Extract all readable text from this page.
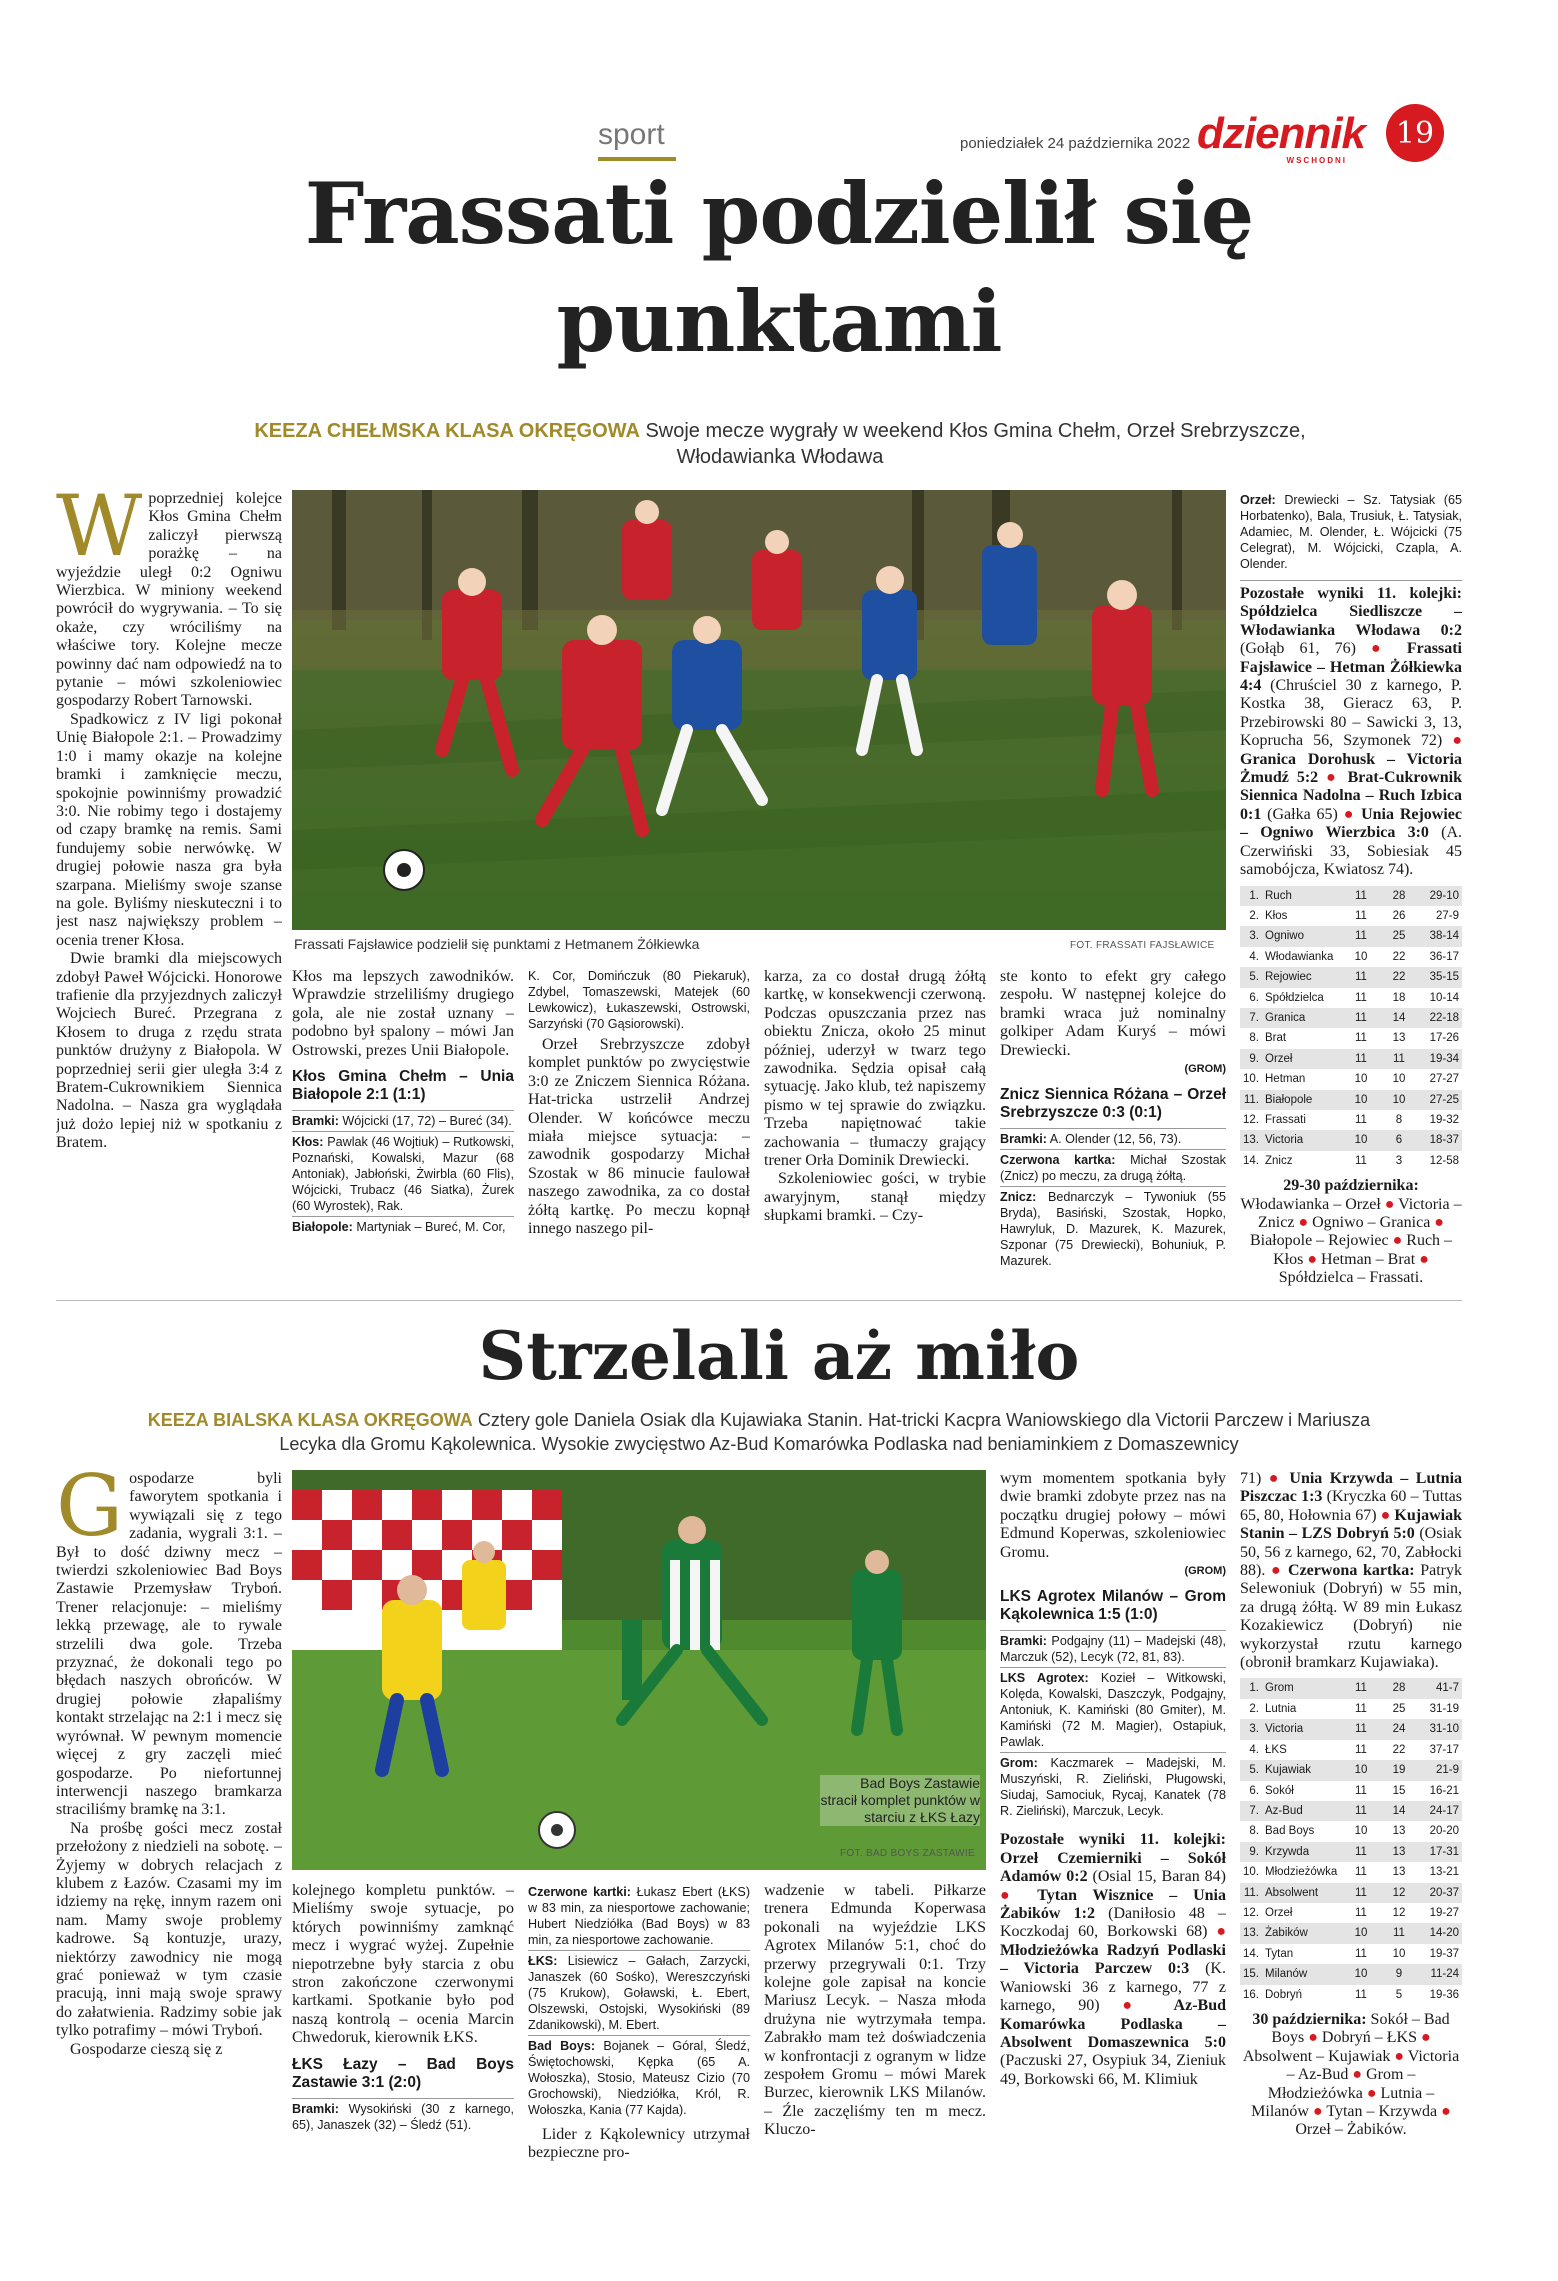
sport	poniedziałek 24 października 2022 dziennik
WSCHODNI
19
Frassati podzielił się
punktami
KEEZA CHEŁMSKA KLASA OKRĘGOWA Swoje mecze wygrały w weekend Kłos Gmina Chełm, Orzeł Srebrzyszcze,
Włodawianka Włodawa
W poprzedniej kolejce Kłos Gmina Chełm zaliczył pierwszą porażkę – na wyjeździe uległ 0:2 Ogniwu Wierzbica. W miniony weekend powrócił do wygrywania. – To się okaże, czy wróciliśmy na właściwe tory. Kolejne mecze powinny dać nam odpowiedź na to pytanie – mówi szkoleniowiec gospodarzy Robert Tarnowski.

Spadkowicz z IV ligi pokonał Unię Białopole 2:1. – Prowadzimy 1:0 i mamy okazje na kolejne bramki i zamknięcie meczu, spokojnie powinniśmy prowadzić 3:0. Nie robimy tego i dostajemy od czapy bramkę na remis. Sami fundujemy sobie nerwówkę. W drugiej połowie nasza gra była szarpana. Mieliśmy swoje szanse na gole. Byliśmy nieskuteczni i to jest nasz największy problem – ocenia trener Kłosa.

Dwie bramki dla miejscowych zdobył Paweł Wójcicki. Honorowe trafienie dla przyjezdnych zaliczył Wojciech Bureć. Przegrana z Kłosem to druga z rzędu strata punktów drużyny z Białopola. W poprzedniej serii gier uległa 3:4 z Bratem-Cukrownikiem Siennica Nadolna. – Nasza gra wyglądała już dożo lepiej niż w spotkaniu z Bratem.

Frassati Fajsławice podzielił się punktami z Hetmanem Żółkiewka	FOT. FRASSATI FAJSŁAWICE

Kłos ma lepszych zawodników. Wprawdzie strzeliliśmy drugiego gola, ale nie został uznany – podobno był spalony – mówi Jan Ostrowski, prezes Unii Białopole.

Kłos Gmina Chełm – Unia Białopole 2:1 (1:1)
Bramki: Wójcicki (17, 72) – Bureć (34).
Kłos: Pawlak (46 Wojtiuk) – Rutkowski, Poznański, Kowalski, Mazur (68 Antoniak), Jabłoński, Żwirbla (60 Flis), Wójcicki, Trubacz (46 Siatka), Żurek (60 Wyrostek), Rak.
Białopole: Martyniak – Bureć, M. Cor,
K. Cor, Domińczuk (80 Piekaruk), Zdybel, Tomaszewski, Matejek (60 Lewkowicz), Łukaszewski, Ostrowski, Sarzyński (70 Gąsiorowski).

Orzeł Srebrzyszcze zdobył komplet punktów po zwycięstwie 3:0 ze Zniczem Siennica Różana. Hat-tricka ustrzelił Andrzej Olender. W końcówce meczu miała miejsce sytuacja: – zawodnik gospodarzy Michał Szostak w 86 minucie faulował naszego zawodnika, za co dostał żółtą kartkę. Po meczu kopnął innego naszego pil-

karza, za co dostał drugą żółtą kartkę, w konsekwencji czerwoną. Podczas opuszczania przez nas obiektu Znicza, około 25 minut później, uderzył w twarz tego zawodnika. Sędzia opisał całą sytuację. Jako klub, też napiszemy pismo w tej sprawie do związku. Trzeba napiętnować takie zachowania – tłumaczy grający trener Orła Dominik Drewiecki.

Szkoleniowiec gości, w trybie awaryjnym, stanął między słupkami bramki. – Czy-

ste konto to efekt gry całego zespołu. W następnej kolejce do bramki wraca już nominalny golkiper Adam Kuryś – mówi Drewiecki.

(GROM)
Znicz Siennica Różana – Orzeł Srebrzyszcze 0:3 (0:1)
Bramki: A. Olender (12, 56, 73).
Czerwona kartka: Michał Szostak (Znicz) po meczu, za drugą żółtą.
Znicz: Bednarczyk – Tywoniuk (55 Bryda), Basiński, Szostak, Hopko, Hawryluk, D. Mazurek, K. Mazurek, Szponar (75 Drewiecki), Bohuniuk, P. Mazurek.
Orzeł: Drewiecki – Sz. Tatysiak (65 Horbatenko), Bala, Trusiuk, Ł. Tatysiak, Adamiec, M. Olender, Ł. Wójcicki (75 Celegrat), M. Wójcicki, Czapla, A. Olender.

Pozostałe wyniki 11. kolejki: Spółdzielca Siedliszcze – Włodawianka Włodawa 0:2 (Gołąb 61, 76) ● Frassati Fajsławice – Hetman Żółkiewka 4:4 (Chruściel 30 z karnego, P. Kostka 38, Gieracz 63, P. Przebirowski 80 – Sawicki 3, 13, Koprucha 56, Szymonek 72) ● Granica Dorohusk – Victoria Żmudź 5:2 ● Brat-Cukrownik Siennica Nadolna – Ruch Izbica 0:1 (Gałka 65) ● Unia Rejowiec – Ogniwo Wierzbica 3:0 (A. Czerwiński 33, Sobiesiak 45 samobójcza, Kwiatosz 74).

1.	Ruch	11	28	29-10
2.	Kłos	11	26	27-9
3.	Ogniwo	11	25	38-14
4.	Włodawianka	10	22	36-17
5.	Rejowiec	11	22	35-15
6.	Spółdzielca	11	18	10-14
7.	Granica	11	14	22-18
8.	Brat	11	13	17-26
9.	Orzeł	11	11	19-34
10.	Hetman	10	10	27-27
11.	Białopole	10	10	27-25
12.	Frassati	11	8	19-32
13.	Victoria	10	6	18-37
14.	Znicz	11	3	12-58
29-30 października: Włodawianka – Orzeł ● Victoria – Znicz ● Ogniwo – Granica ● Białopole – Rejowiec ● Ruch – Kłos ● Hetman – Brat ● Spółdzielca – Frassati.
Strzelali aż miło
KEEZA BIALSKA KLASA OKRĘGOWA Cztery gole Daniela Osiak dla Kujawiaka Stanin. Hat-tricki Kacpra Waniowskiego dla Victorii Parczew i Mariusza
Lecyka dla Gromu Kąkolewnica. Wysokie zwycięstwo Az-Bud Komarówka Podlaska nad beniaminkiem z Domaszewnicy
G ospodarze byli faworytem spotkania i wywiązali się z tego zadania, wygrali 3:1. – Był to dość dziwny mecz – twierdzi szkoleniowiec Bad Boys Zastawie Przemysław Tryboń. Trener relacjonuje: – mieliśmy lekką przewagę, ale to rywale strzelili dwa gole. Trzeba przyznać, że dokonali tego po błędach naszych obrońców. W drugiej połowie złapaliśmy kontakt strzelając na 2:1 i mecz się wyrównał. W pewnym momencie więcej z gry zaczęli mieć gospodarze. Po niefortunnej interwencji naszego bramkarza straciliśmy bramkę na 3:1.

Na prośbę gości mecz został przełożony z niedzieli na sobotę. – Żyjemy w dobrych relacjach z klubem z Łazów. Czasami my im idziemy na rękę, innym razem oni nam. Mamy swoje problemy kadrowe. Są kontuzje, urazy, niektórzy zawodnicy nie mogą grać ponieważ w tym czasie pracują, inni mają swoje sprawy do załatwienia. Radzimy sobie jak tylko potrafimy – mówi Tryboń.

Gospodarze cieszą się z

Bad Boys Zastawie stracił komplet punktów w starciu z ŁKS Łazy
FOT. BAD BOYS ZASTAWIE

kolejnego kompletu punktów. – Mieliśmy swoje sytuacje, po których powinniśmy zamknąć mecz i wygrać wyżej. Zupełnie niepotrzebne były starcia z obu stron zakończone czerwonymi kartkami. Spotkanie było pod naszą kontrolą – ocenia Marcin Chwedoruk, kierownik ŁKS.

ŁKS Łazy – Bad Boys Zastawie 3:1 (2:0)
Bramki: Wysokiński (30 z karnego, 65), Janaszek (32) – Śledź (51).
Czerwone kartki: Łukasz Ebert (ŁKS) w 83 min, za niesportowe zachowanie; Hubert Niedziółka (Bad Boys) w 83 min, za niesportowe zachowanie.
ŁKS: Lisiewicz – Gałach, Zarzycki, Janaszek (60 Sośko), Wereszczyński (75 Krukow), Goławski, Ł. Ebert, Olszewski, Ostojski, Wysokiński (89 Zdanikowski), M. Ebert.
Bad Boys: Bojanek – Góral, Śledź, Świętochowski, Kępka (65 A. Wołoszka), Stosio, Mateusz Cizio (70 Grochowski), Niedziółka, Król, R. Wołoszka, Kania (77 Kajda).

Lider z Kąkolewnicy utrzymał bezpieczne pro-

wadzenie w tabeli. Piłkarze trenera Edmunda Koperwasa pokonali na wyjeździe LKS Agrotex Milanów 5:1, choć do przerwy przegrywali 0:1. Trzy kolejne gole zapisał na koncie Mariusz Lecyk. – Nasza młoda drużyna nie wytrzymała tempa. Zabrakło mam też doświadczenia w konfrontacji z ogranym w lidze zespołem Gromu – mówi Marek Burzec, kierownik LKS Milanów. – Źle zaczęliśmy ten m mecz. Kluczo-

wym momentem spotkania były dwie bramki zdobyte przez nas na początku drugiej połowy – mówi Edmund Koperwas, szkoleniowiec Gromu.

(GROM)
LKS Agrotex Milanów – Grom Kąkolewnica 1:5 (1:0)
Bramki: Podgajny (11) – Madejski (48), Marczuk (52), Lecyk (72, 81, 83).
LKS Agrotex: Kozieł – Witkowski, Kolęda, Kowalski, Daszczyk, Podgajny, Antoniuk, K. Kamiński (80 Gmiter), M. Kamiński (72 M. Magier), Ostapiuk, Pawlak.
Grom: Kaczmarek – Madejski, M. Muszyński, R. Zieliński, Pługowski, Siudaj, Samociuk, Rycaj, Kanatek (78 R. Zieliński), Marczuk, Lecyk.

Pozostałe wyniki 11. kolejki: Orzeł Czemierniki – Sokół Adamów 0:2 (Osial 15, Baran 84) ● Tytan Wisznice – Unia Żabików 1:2 (Daniłosio 48 – Koczkodaj 60, Borkowski 68) ● Młodzieżówka Radzyń Podlaski – Victoria Parczew 0:3 (K. Waniowski 36 z karnego, 77 z karnego, 90) ● Az-Bud Komarówka Podlaska – Absolwent Domaszewnica 5:0 (Paczuski 27, Osypiuk 34, Zieniuk 49, Borkowski 66, M. Klimiuk

71) ● Unia Krzywda – Lutnia Piszczac 1:3 (Kryczka 60 – Tuttas 65, 80, Hołownia 67) ● Kujawiak Stanin – LZS Dobryń 5:0 (Osiak 50, 56 z karnego, 62, 70, Zabłocki 88). ● Czerwona kartka: Patryk Selewoniuk (Dobryń) w 55 min, za drugą żółtą. W 89 min Łukasz Kozakiewicz (Dobryń) nie wykorzystał rzutu karnego (obronił bramkarz Kujawiaka).

1.	Grom	11	28	41-7
2.	Lutnia	11	25	31-19
3.	Victoria	11	24	31-10
4.	ŁKS	11	22	37-17
5.	Kujawiak	10	19	21-9
6.	Sokół	11	15	16-21
7.	Az-Bud	11	14	24-17
8.	Bad Boys	10	13	20-20
9.	Krzywda	11	13	17-31
10.	Młodzieżówka	11	13	13-21
11.	Absolwent	11	12	20-37
12.	Orzeł	11	12	19-27
13.	Żabików	10	11	14-20
14.	Tytan	11	10	19-37
15.	Milanów	10	9	11-24
16.	Dobryń	11	5	19-36
30 października: Sokół – Bad Boys ● Dobryń – ŁKS ● Absolwent – Kujawiak ● Victoria – Az-Bud ● Grom – Młodzieżówka ● Lutnia – Milanów ● Tytan – Krzywda ● Orzeł – Żabików.
